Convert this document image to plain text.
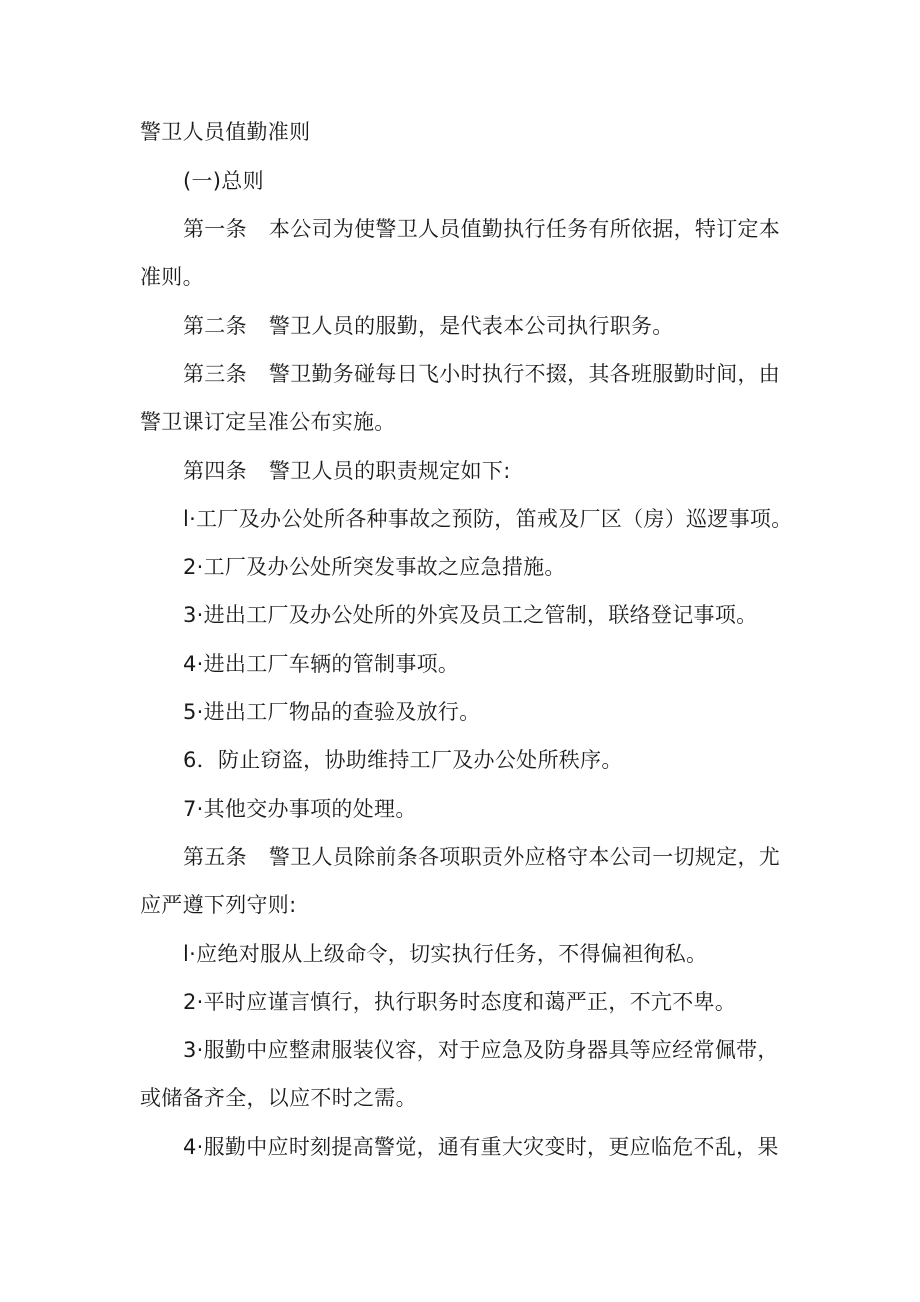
警卫人员值勤准则
(一)总则
第一条 本公司为使警卫人员值勤执行任务有所依据，特订定本
准则。
第二条 警卫人员的服勤，是代表本公司执行职务。
第三条 警卫勤务碰每日飞小时执行不掇，其各班服勤时间，由
警卫课订定呈准公布实施。
第四条 警卫人员的职责规定如下:
l·工厂及办公处所各种事故之预防，笛戒及厂区（房）巡逻事项。
2·工厂及办公处所突发事故之应急措施。
3·进出工厂及办公处所的外宾及员工之管制，联络登记事项。
4·进出工厂车辆的管制事项。
5·进出工厂物品的查验及放行。
6．防止窃盗，协助维持工厂及办公处所秩序。
7·其他交办事项的处理。
第五条 警卫人员除前条各项职贡外应格守本公司一切规定，尤
应严遵下列守则:
l·应绝对服从上级命令，切实执行任务，不得偏袒徇私。
2·平时应谨言慎行，执行职务时态度和蔼严正，不亢不卑。
3·服勤中应整肃服装仪容，对于应急及防身器具等应经常佩带，
或储备齐全，以应不时之需。
4·服勤中应时刻提高警觉，通有重大灾变时，更应临危不乱，果
